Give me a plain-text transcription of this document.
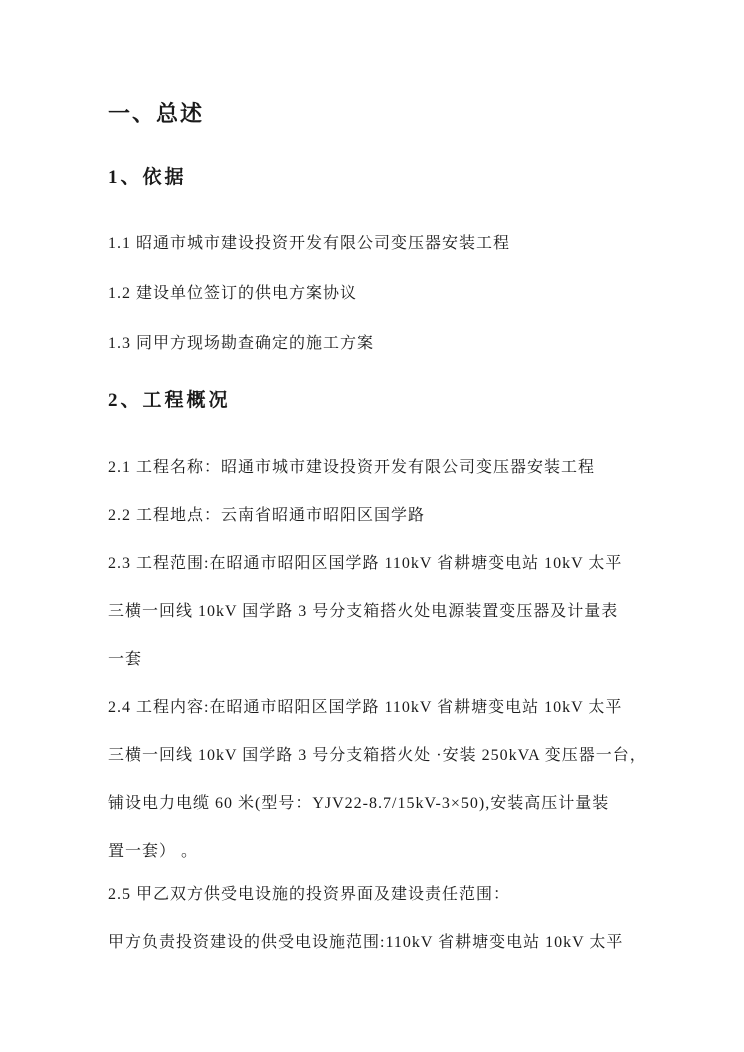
一、总述
1、依据
1.1 昭通市城市建设投资开发有限公司变压器安装工程
1.2 建设单位签订的供电方案协议
1.3 同甲方现场勘查确定的施工方案
2、工程概况
2.1 工程名称：昭通市城市建设投资开发有限公司变压器安装工程
2.2 工程地点：云南省昭通市昭阳区国学路
2.3 工程范围:在昭通市昭阳区国学路 110kV 省耕塘变电站 10kV 太平
三横一回线 10kV 国学路 3 号分支箱搭火处电源装置变压器及计量表
一套
2.4 工程内容:在昭通市昭阳区国学路 110kV 省耕塘变电站 10kV 太平
三横一回线 10kV 国学路 3 号分支箱搭火处 ·安装 250kVA 变压器一台，
铺设电力电缆 60 米(型号：YJV22-8.7/15kV-3×50),安装高压计量装
置一套） 。
2.5 甲乙双方供受电设施的投资界面及建设责任范围：
甲方负责投资建设的供受电设施范围:110kV 省耕塘变电站 10kV 太平
